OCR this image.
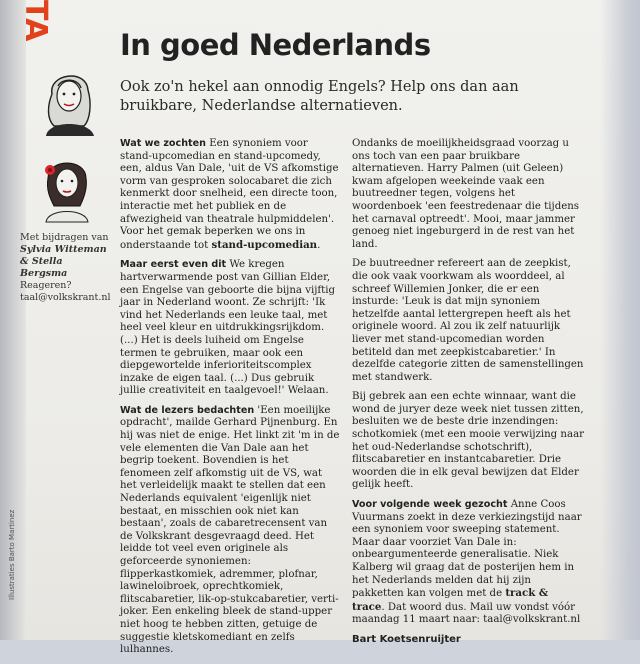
TA
Illustraties Barto Martinez
In goed Nederlands
Ook zo'n hekel aan onnodig Engels? Help ons dan aan bruikbare, Nederlandse alternatieven.
Met bijdragen van
Sylvia Witteman
& Stella Bergsma
Reageren?
taal@volkskrant.nl

Wat we zochten Een synoniem voor stand-upcomedian en stand-upcomedy, een, aldus Van Dale, 'uit de VS afkomstige vorm van gesproken solocabaret die zich kenmerkt door snelheid, een directe toon, interactie met het publiek en de afwezigheid van theatrale hulpmiddelen'. Voor het gemak beperken we ons in onderstaande tot stand-upcomedian.

Maar eerst even dit We kregen hartverwarmende post van Gillian Elder, een Engelse van geboorte die bijna vijftig jaar in Nederland woont. Ze schrijft: 'Ik vind het Nederlands een leuke taal, met heel veel kleur en uitdrukkingsrijkdom. (...) Het is deels luiheid om Engelse termen te gebruiken, maar ook een diepgewortelde inferioriteitscomplex inzake de eigen taal. (...) Dus gebruik jullie creativiteit en taalgevoel!' Welaan.

Wat de lezers bedachten 'Een moeilijke opdracht', mailde Gerhard Pijnenburg. En hij was niet de enige. Het linkt zit 'm in de vele elementen die Van Dale aan het begrip toekent. Bovendien is het fenomeen zelf afkomstig uit de VS, wat het verleidelijk maakt te stellen dat een Nederlands equivalent 'eigenlijk niet bestaat, en misschien ook niet kan bestaan', zoals de cabaretrecensent van de Volkskrant desgevraagd deed. Het leidde tot veel even originele als geforceerde synoniemen: flipperkastkomiek, adremmer, plofnar, lawineloibroek, oprechtkomiek, flitscabaretier, lik-op-stukcabaretier, verti-joker. Een enkeling bleek de stand-upper niet hoog te hebben zitten, getuige de suggestie kletskomediant en zelfs lulhannes.

Ondanks de moeilijkheidsgraad voorzag u ons toch van een paar bruikbare alternatieven. Harry Palmen (uit Geleen) kwam afgelopen weekeinde vaak een buutreedner tegen, volgens het woordenboek 'een feestredenaar die tijdens het carnaval optreedt'. Mooi, maar jammer genoeg niet ingeburgerd in de rest van het land.

De buutreedner refereert aan de zeepkist, die ook vaak voorkwam als woorddeel, al schreef Willemien Jonker, die er een insturde: 'Leuk is dat mijn synoniem hetzelfde aantal lettergrepen heeft als het originele woord. Al zou ik zelf natuurlijk liever met stand-upcomedian worden betiteld dan met zeepkistcabaretier.' In dezelfde categorie zitten de samenstellingen met standwerk.

Bij gebrek aan een echte winnaar, want die wond de juryer deze week niet tussen zitten, besluiten we de beste drie inzendingen: schotkomiek (met een mooie verwijzing naar het oud-Nederlandse schotschrift), flitscabaretier en instantcabaretier. Drie woorden die in elk geval bewijzen dat Elder gelijk heeft.

Voor volgende week gezocht Anne Coos Vuurmans zoekt in deze verkiezingstijd naar een synoniem voor sweeping statement. Maar daar voorziet Van Dale in: onbeargumenteerde generalisatie. Niek Kalberg wil graag dat de posterijen hem in het Nederlands melden dat hij zijn pakketten kan volgen met de track & trace. Dat woord dus. Mail uw vondst vóór maandag 11 maart naar: taal@volkskrant.nl

Bart Koetsenruijter
